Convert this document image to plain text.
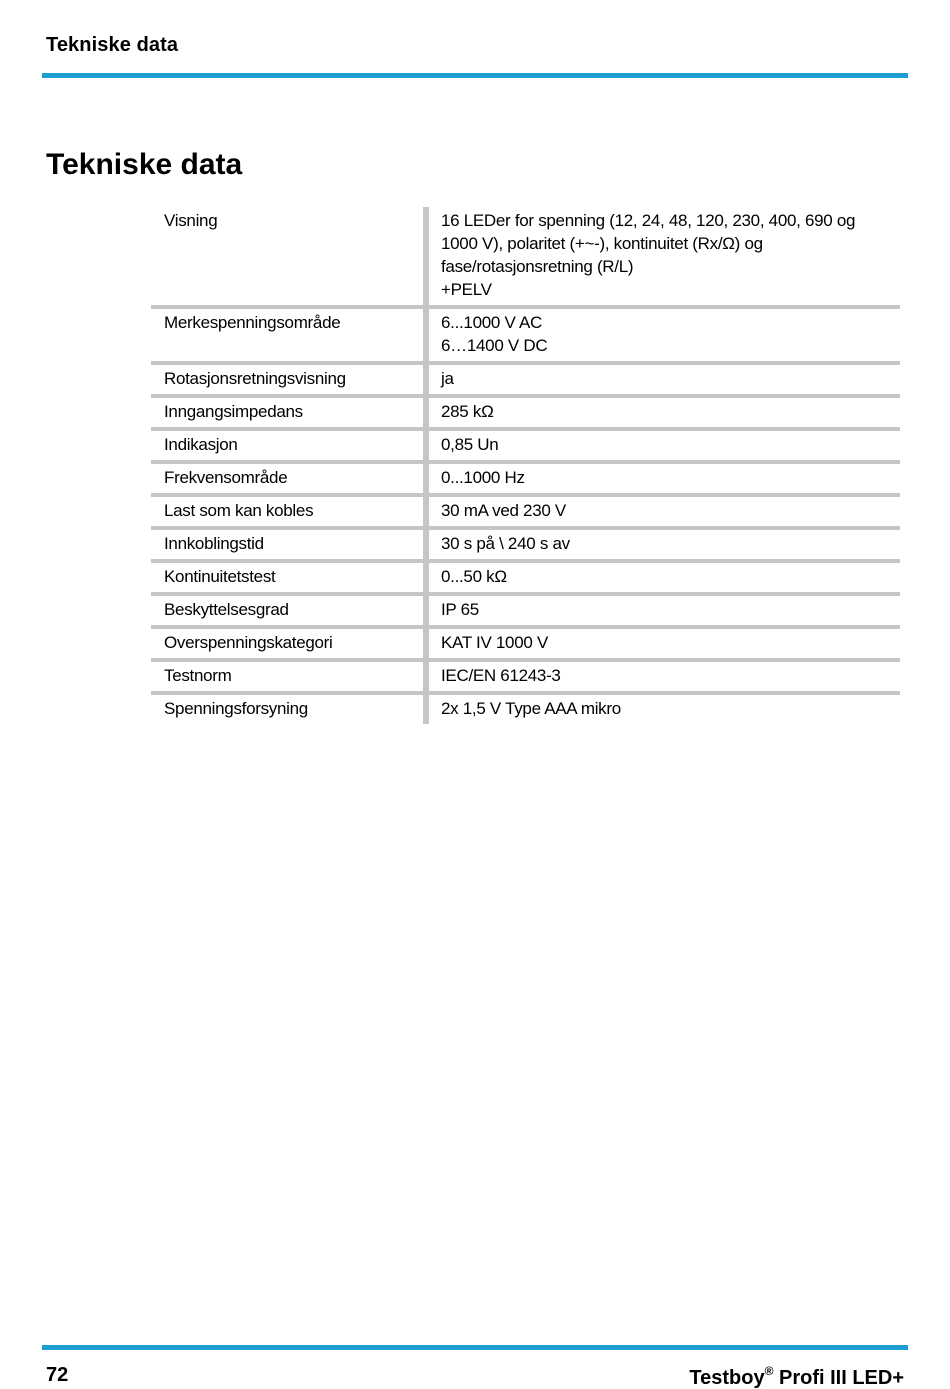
Tekniske data
Tekniske data
Visning	16 LEDer for spenning (12, 24, 48, 120, 230, 400, 690 og
1000 V), polaritet (+~-), kontinuitet (Rx/Ω) og
fase/rotasjonsretning (R/L)
+PELV
Merkespenningsområde	6...1000 V AC
6…1400 V DC
Rotasjonsretningsvisning	ja
Inngangsimpedans	285 kΩ
Indikasjon	0,85 Un
Frekvensområde	0...1000 Hz
Last som kan kobles	30 mA ved 230 V
Innkoblingstid	30 s på \ 240 s av
Kontinuitetstest	0...50 kΩ
Beskyttelsesgrad	IP 65
Overspenningskategori	KAT IV 1000 V
Testnorm	IEC/EN 61243-3
Spenningsforsyning	2x 1,5 V Type AAA mikro
72	Testboy® Profi III LED+
